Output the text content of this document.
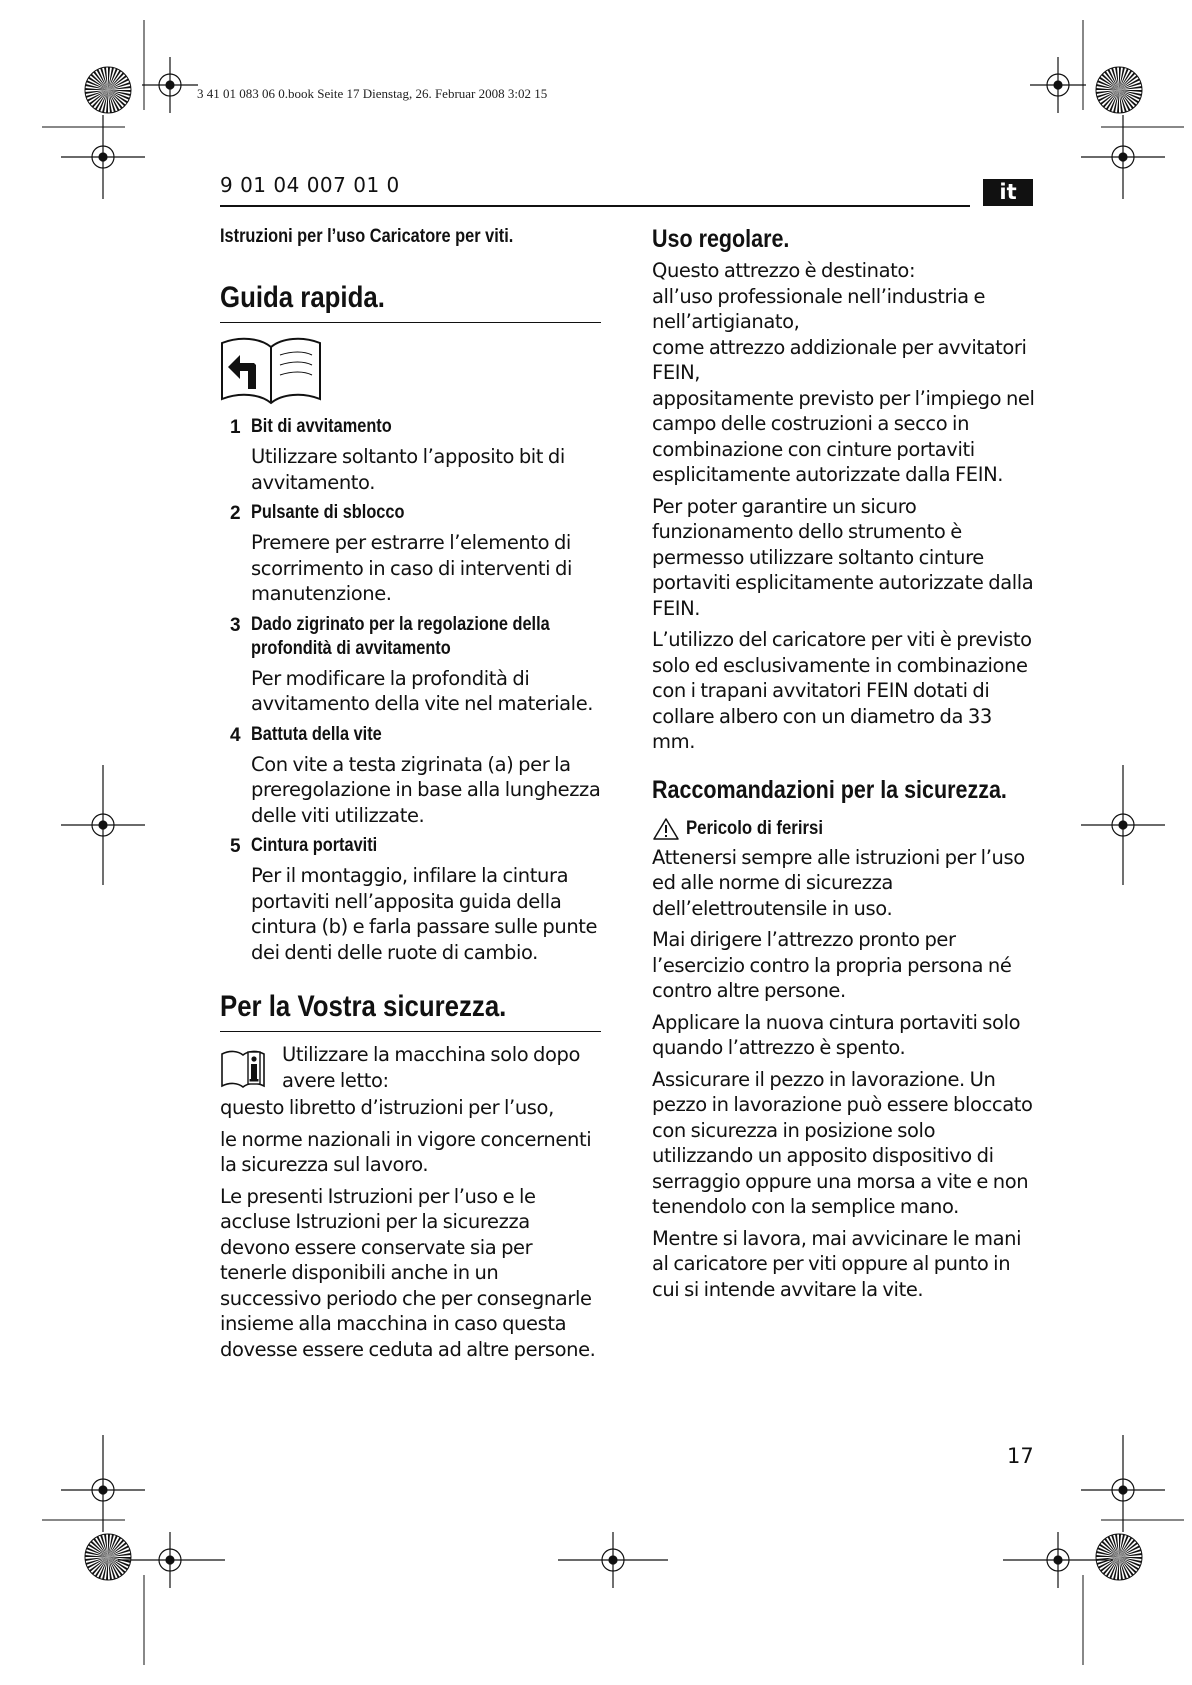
3 41 01 083 06 0.book Seite 17 Dienstag, 26. Februar 2008 3:02 15
9 01 04 007 01 0	it
Istruzioni per l’uso Caricatore per viti.
Guida rapida.
1 Bit di avvitamento
Utilizzare soltanto l’apposito bit di avvitamento.
2 Pulsante di sblocco
Premere per estrarre l’elemento di scorrimento in caso di interventi di manutenzione.
3 Dado zigrinato per la regolazione della profondità di avvitamento
Per modificare la profondità di avvitamento della vite nel materiale.
4 Battuta della vite
Con vite a testa zigrinata (a) per la preregolazione in base alla lunghezza delle viti utilizzate.
5 Cintura portaviti
Per il montaggio, infilare la cintura portaviti nell’apposita guida della cintura (b) e farla passare sulle punte dei denti delle ruote di cambio.
Per la Vostra sicurezza.
Utilizzare la macchina solo dopo avere letto:

questo libretto d’istruzioni per l’uso,

le norme nazionali in vigore concernenti la sicurezza sul lavoro.

Le presenti Istruzioni per l’uso e le accluse Istruzioni per la sicurezza devono essere conservate sia per tenerle disponibili anche in un successivo periodo che per consegnarle insieme alla macchina in caso questa dovesse essere ceduta ad altre persone.

Uso regolare.

Questo attrezzo è destinato:

all’uso professionale nell’industria e nell’artigianato,

come attrezzo addizionale per avvitatori FEIN,

appositamente previsto per l’impiego nel campo delle costruzioni a secco in combinazione con cinture portaviti esplicitamente autorizzate dalla FEIN.

Per poter garantire un sicuro funzionamento dello strumento è permesso utilizzare soltanto cinture portaviti esplicitamente autorizzate dalla FEIN.

L’utilizzo del caricatore per viti è previsto solo ed esclusivamente in combinazione con i trapani avvitatori FEIN dotati di collare albero con un diametro da 33 mm.

Raccomandazioni per la sicurezza.
Pericolo di ferirsi

Attenersi sempre alle istruzioni per l’uso ed alle norme di sicurezza dell’elettroutensile in uso.

Mai dirigere l’attrezzo pronto per l’esercizio contro la propria persona né contro altre persone.

Applicare la nuova cintura portaviti solo quando l’attrezzo è spento.

Assicurare il pezzo in lavorazione. Un pezzo in lavorazione può essere bloccato con sicurezza in posizione solo utilizzando un apposito dispositivo di serraggio oppure una morsa a vite e non tenendolo con la semplice mano.

Mentre si lavora, mai avvicinare le mani al caricatore per viti oppure al punto in cui si intende avvitare la vite.

17
